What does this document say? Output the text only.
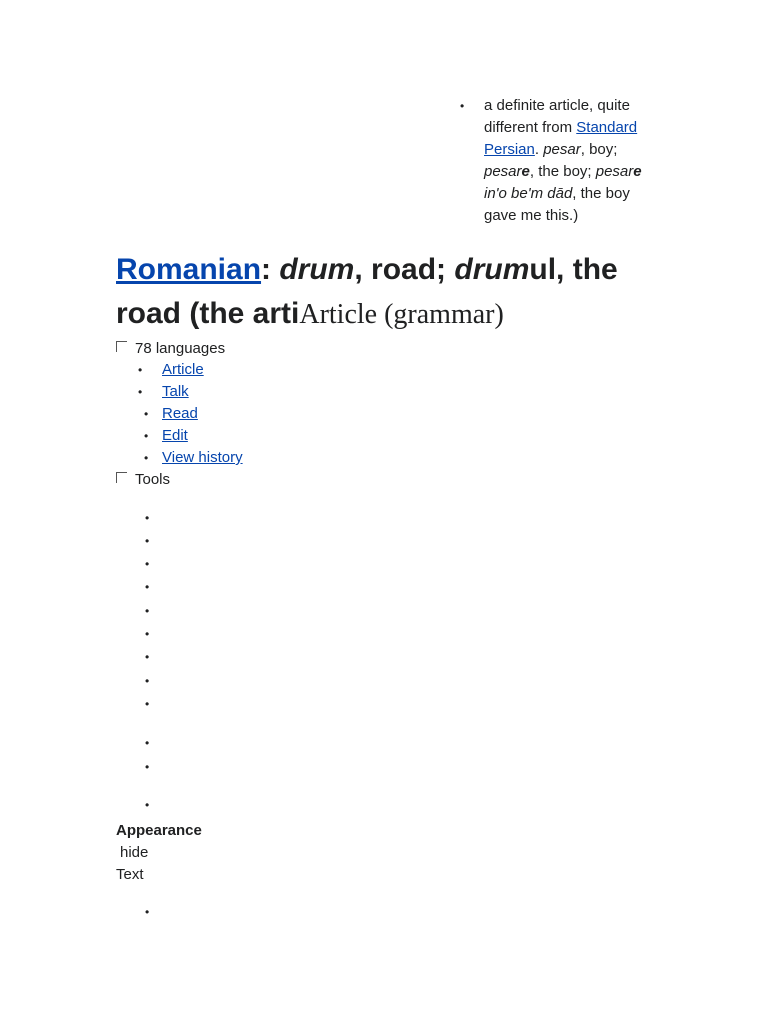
• a definite article, quite different from Standard Persian. pesar, boy; pesare, the boy; pesare in'o be'm dād, the boy gave me this.)
Romanian: drum, road; drumul, the road (the artiArticle (grammar)
78 languages
• Article
• Talk
• Read
• Edit
• View history
Tools
•
•
•
•
•
•
•
•
•
•
•
•
Appearance
hide
Text
•
